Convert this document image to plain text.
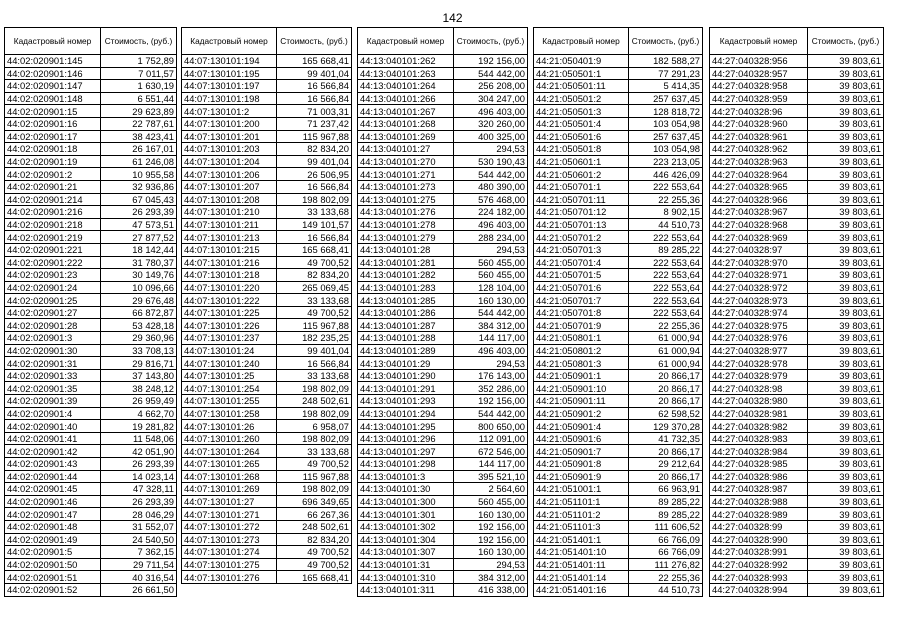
142
Кадастровый номер	Стоимость, (руб.)
44:02:020901:145	1 752,89
44:02:020901:146	7 011,57
44:02:020901:147	1 630,19
44:02:020901:148	6 551,44
44:02:020901:15	29 623,89
44:02:020901:16	22 787,61
44:02:020901:17	38 423,41
44:02:020901:18	26 167,01
44:02:020901:19	61 246,08
44:02:020901:2	10 955,58
44:02:020901:21	32 936,86
44:02:020901:214	67 045,43
44:02:020901:216	26 293,39
44:02:020901:218	47 573,51
44:02:020901:219	27 877,52
44:02:020901:221	18 142,44
44:02:020901:222	31 780,37
44:02:020901:23	30 149,76
44:02:020901:24	10 096,66
44:02:020901:25	29 676,48
44:02:020901:27	66 872,87
44:02:020901:28	53 428,18
44:02:020901:3	29 360,96
44:02:020901:30	33 708,13
44:02:020901:31	29 816,71
44:02:020901:33	37 143,80
44:02:020901:35	38 248,12
44:02:020901:39	26 959,49
44:02:020901:4	4 662,70
44:02:020901:40	19 281,82
44:02:020901:41	11 548,06
44:02:020901:42	42 051,90
44:02:020901:43	26 293,39
44:02:020901:44	14 023,14
44:02:020901:45	47 328,11
44:02:020901:46	26 293,39
44:02:020901:47	28 046,29
44:02:020901:48	31 552,07
44:02:020901:49	24 540,50
44:02:020901:5	7 362,15
44:02:020901:50	29 711,54
44:02:020901:51	40 316,54
44:02:020901:52	26 661,50
Кадастровый номер	Стоимость, (руб.)
44:07:130101:194	165 668,41
44:07:130101:195	99 401,04
44:07:130101:197	16 566,84
44:07:130101:198	16 566,84
44:07:130101:2	71 003,31
44:07:130101:200	71 237,42
44:07:130101:201	115 967,88
44:07:130101:203	82 834,20
44:07:130101:204	99 401,04
44:07:130101:206	26 506,95
44:07:130101:207	16 566,84
44:07:130101:208	198 802,09
44:07:130101:210	33 133,68
44:07:130101:211	149 101,57
44:07:130101:213	16 566,84
44:07:130101:215	165 668,41
44:07:130101:216	49 700,52
44:07:130101:218	82 834,20
44:07:130101:220	265 069,45
44:07:130101:222	33 133,68
44:07:130101:225	49 700,52
44:07:130101:226	115 967,88
44:07:130101:237	182 235,25
44:07:130101:24	99 401,04
44:07:130101:240	16 566,84
44:07:130101:25	33 133,68
44:07:130101:254	198 802,09
44:07:130101:255	248 502,61
44:07:130101:258	198 802,09
44:07:130101:26	6 958,07
44:07:130101:260	198 802,09
44:07:130101:264	33 133,68
44:07:130101:265	49 700,52
44:07:130101:268	115 967,88
44:07:130101:269	198 802,09
44:07:130101:27	696 349,65
44:07:130101:271	66 267,36
44:07:130101:272	248 502,61
44:07:130101:273	82 834,20
44:07:130101:274	49 700,52
44:07:130101:275	49 700,52
44:07:130101:276	165 668,41
Кадастровый номер	Стоимость, (руб.)
44:13:040101:262	192 156,00
44:13:040101:263	544 442,00
44:13:040101:264	256 208,00
44:13:040101:266	304 247,00
44:13:040101:267	496 403,00
44:13:040101:268	320 260,00
44:13:040101:269	400 325,00
44:13:040101:27	294,53
44:13:040101:270	530 190,43
44:13:040101:271	544 442,00
44:13:040101:273	480 390,00
44:13:040101:275	576 468,00
44:13:040101:276	224 182,00
44:13:040101:278	496 403,00
44:13:040101:279	288 234,00
44:13:040101:28	294,53
44:13:040101:281	560 455,00
44:13:040101:282	560 455,00
44:13:040101:283	128 104,00
44:13:040101:285	160 130,00
44:13:040101:286	544 442,00
44:13:040101:287	384 312,00
44:13:040101:288	144 117,00
44:13:040101:289	496 403,00
44:13:040101:29	294,53
44:13:040101:290	176 143,00
44:13:040101:291	352 286,00
44:13:040101:293	192 156,00
44:13:040101:294	544 442,00
44:13:040101:295	800 650,00
44:13:040101:296	112 091,00
44:13:040101:297	672 546,00
44:13:040101:298	144 117,00
44:13:040101:3	395 521,10
44:13:040101:30	2 564,60
44:13:040101:300	560 455,00
44:13:040101:301	160 130,00
44:13:040101:302	192 156,00
44:13:040101:304	192 156,00
44:13:040101:307	160 130,00
44:13:040101:31	294,53
44:13:040101:310	384 312,00
44:13:040101:311	416 338,00
Кадастровый номер	Стоимость, (руб.)
44:21:050401:9	182 588,27
44:21:050501:1	77 291,23
44:21:050501:11	5 414,35
44:21:050501:2	257 637,45
44:21:050501:3	128 818,72
44:21:050501:4	103 054,98
44:21:050501:6	257 637,45
44:21:050501:8	103 054,98
44:21:050601:1	223 213,05
44:21:050601:2	446 426,09
44:21:050701:1	222 553,64
44:21:050701:11	22 255,36
44:21:050701:12	8 902,15
44:21:050701:13	44 510,73
44:21:050701:2	222 553,64
44:21:050701:3	89 285,22
44:21:050701:4	222 553,64
44:21:050701:5	222 553,64
44:21:050701:6	222 553,64
44:21:050701:7	222 553,64
44:21:050701:8	222 553,64
44:21:050701:9	22 255,36
44:21:050801:1	61 000,94
44:21:050801:2	61 000,94
44:21:050801:3	61 000,94
44:21:050901:1	20 866,17
44:21:050901:10	20 866,17
44:21:050901:11	20 866,17
44:21:050901:2	62 598,52
44:21:050901:4	129 370,28
44:21:050901:6	41 732,35
44:21:050901:7	20 866,17
44:21:050901:8	29 212,64
44:21:050901:9	20 866,17
44:21:051001:1	66 963,91
44:21:051101:1	89 285,22
44:21:051101:2	89 285,22
44:21:051101:3	111 606,52
44:21:051401:1	66 766,09
44:21:051401:10	66 766,09
44:21:051401:11	111 276,82
44:21:051401:14	22 255,36
44:21:051401:16	44 510,73
Кадастровый номер	Стоимость, (руб.)
44:27:040328:956	39 803,61
44:27:040328:957	39 803,61
44:27:040328:958	39 803,61
44:27:040328:959	39 803,61
44:27:040328:96	39 803,61
44:27:040328:960	39 803,61
44:27:040328:961	39 803,61
44:27:040328:962	39 803,61
44:27:040328:963	39 803,61
44:27:040328:964	39 803,61
44:27:040328:965	39 803,61
44:27:040328:966	39 803,61
44:27:040328:967	39 803,61
44:27:040328:968	39 803,61
44:27:040328:969	39 803,61
44:27:040328:97	39 803,61
44:27:040328:970	39 803,61
44:27:040328:971	39 803,61
44:27:040328:972	39 803,61
44:27:040328:973	39 803,61
44:27:040328:974	39 803,61
44:27:040328:975	39 803,61
44:27:040328:976	39 803,61
44:27:040328:977	39 803,61
44:27:040328:978	39 803,61
44:27:040328:979	39 803,61
44:27:040328:98	39 803,61
44:27:040328:980	39 803,61
44:27:040328:981	39 803,61
44:27:040328:982	39 803,61
44:27:040328:983	39 803,61
44:27:040328:984	39 803,61
44:27:040328:985	39 803,61
44:27:040328:986	39 803,61
44:27:040328:987	39 803,61
44:27:040328:988	39 803,61
44:27:040328:989	39 803,61
44:27:040328:99	39 803,61
44:27:040328:990	39 803,61
44:27:040328:991	39 803,61
44:27:040328:992	39 803,61
44:27:040328:993	39 803,61
44:27:040328:994	39 803,61
